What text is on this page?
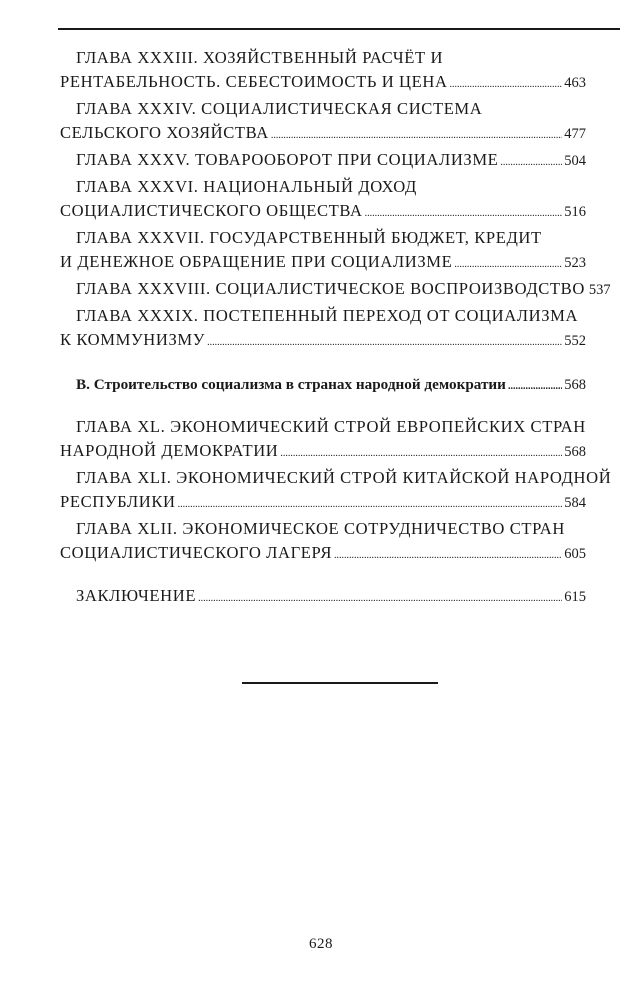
ГЛАВА XXXIII. ХОЗЯЙСТВЕННЫЙ РАСЧЁТ И
РЕНТАБЕЛЬНОСТЬ. СЕБЕСТОИМОСТЬ И ЦЕНА .....	463
ГЛАВА XXXIV. СОЦИАЛИСТИЧЕСКАЯ СИСТЕМА
СЕЛЬСКОГО ХОЗЯЙСТВА .....	477
ГЛАВА XXXV. ТОВАРООБОРОТ ПРИ СОЦИАЛИЗМЕ .....	504
ГЛАВА XXXVI. НАЦИОНАЛЬНЫЙ ДОХОД
СОЦИАЛИСТИЧЕСКОГО ОБЩЕСТВА .....	516
ГЛАВА XXXVII. ГОСУДАРСТВЕННЫЙ БЮДЖЕТ, КРЕДИТ
И ДЕНЕЖНОЕ ОБРАЩЕНИЕ ПРИ СОЦИАЛИЗМЕ .....	523
ГЛАВА XXXVIII. СОЦИАЛИСТИЧЕСКОЕ ВОСПРОИЗВОДСТВО 537
ГЛАВА XXXIX. ПОСТЕПЕННЫЙ ПЕРЕХОД ОТ СОЦИАЛИЗМА
К КОММУНИЗМУ .....	552
В. Строительство социализма в странах народной демократии .....	568
ГЛАВА XL. ЭКОНОМИЧЕСКИЙ СТРОЙ ЕВРОПЕЙСКИХ СТРАН
НАРОДНОЙ ДЕМОКРАТИИ .....	568
ГЛАВА XLI. ЭКОНОМИЧЕСКИЙ СТРОЙ КИТАЙСКОЙ НАРОДНОЙ
РЕСПУБЛИКИ .....	584
ГЛАВА XLII. ЭКОНОМИЧЕСКОЕ СОТРУДНИЧЕСТВО СТРАН
СОЦИАЛИСТИЧЕСКОГО ЛАГЕРЯ .....	605
ЗАКЛЮЧЕНИЕ .....	615
628
